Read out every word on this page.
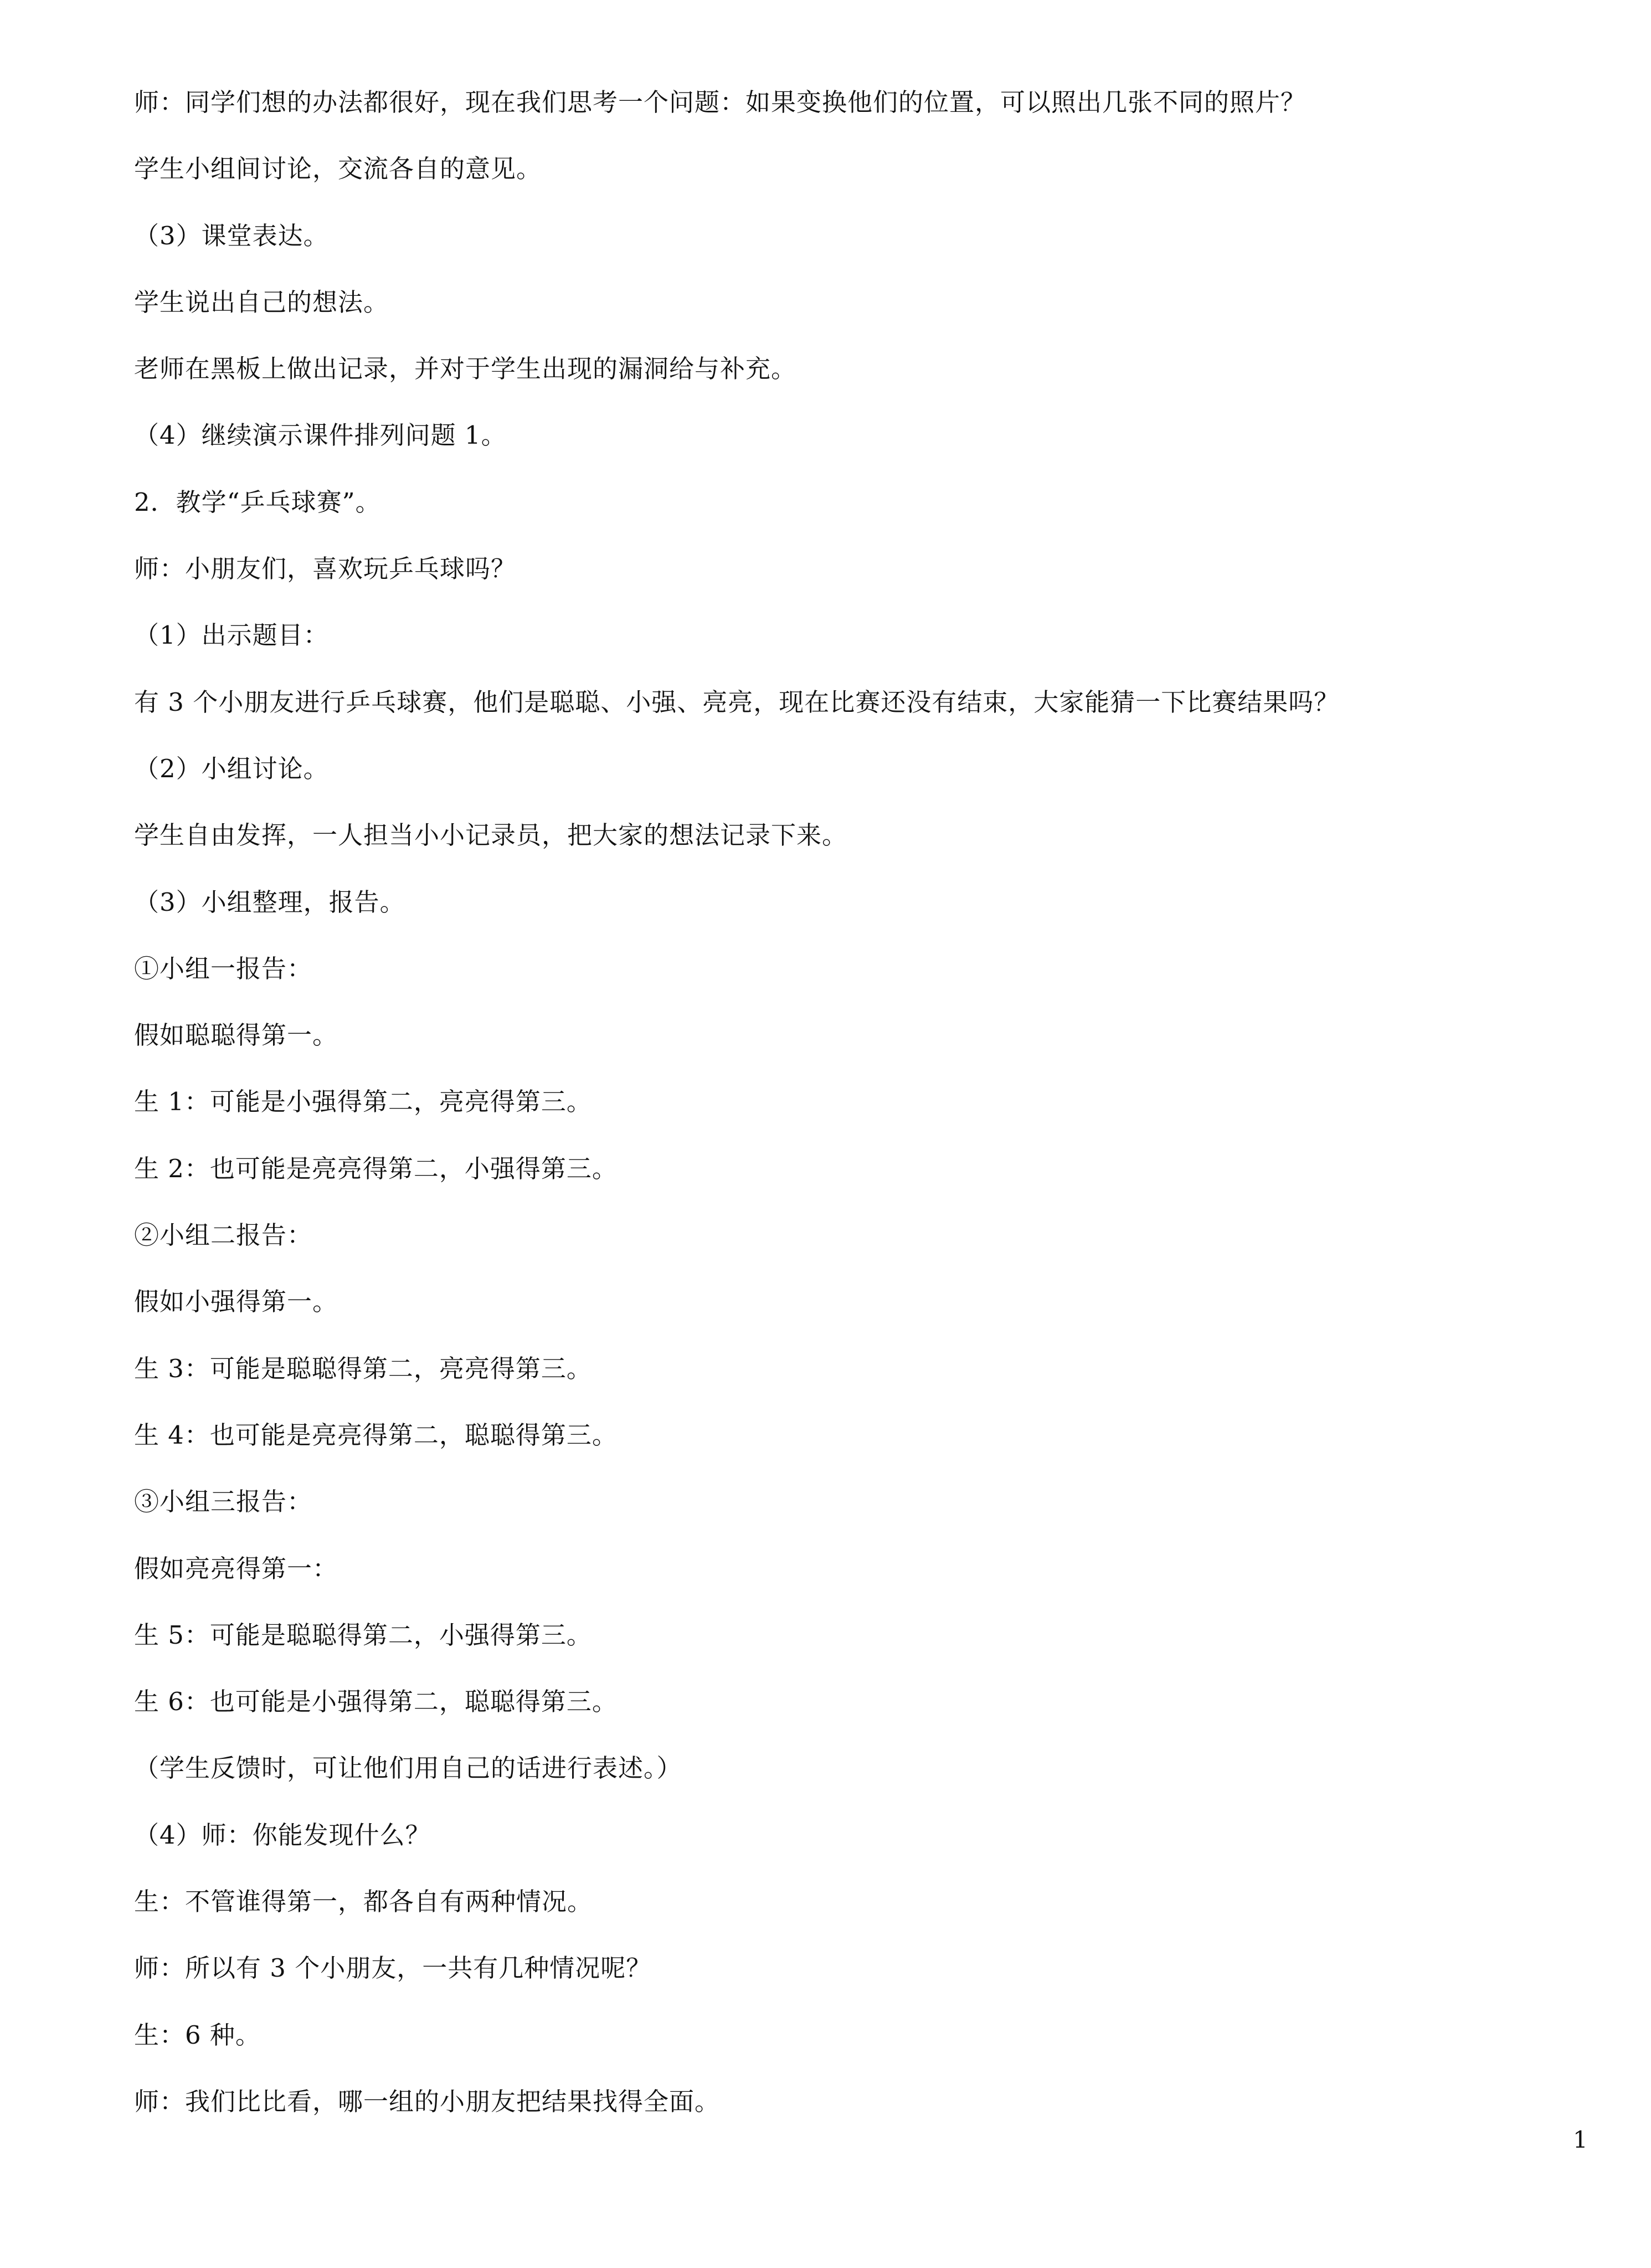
师：同学们想的办法都很好，现在我们思考一个问题：如果变换他们的位置，可以照出几张不同的照片？
学生小组间讨论，交流各自的意见。
（3）课堂表达。
学生说出自己的想法。
老师在黑板上做出记录，并对于学生出现的漏洞给与补充。
（4）继续演示课件排列问题 1。
2．教学“乒乓球赛”。
师：小朋友们，喜欢玩乒乓球吗？
（1）出示题目：
有 3 个小朋友进行乒乓球赛，他们是聪聪、小强、亮亮，现在比赛还没有结束，大家能猜一下比赛结果吗？
（2）小组讨论。
学生自由发挥，一人担当小小记录员，把大家的想法记录下来。
（3）小组整理，报告。
①小组一报告：
假如聪聪得第一。
生 1：可能是小强得第二，亮亮得第三。
生 2：也可能是亮亮得第二，小强得第三。
②小组二报告：
假如小强得第一。
生 3：可能是聪聪得第二，亮亮得第三。
生 4：也可能是亮亮得第二，聪聪得第三。
③小组三报告：
假如亮亮得第一：
生 5：可能是聪聪得第二，小强得第三。
生 6：也可能是小强得第二，聪聪得第三。
（学生反馈时，可让他们用自己的话进行表述。）
（4）师：你能发现什么？
生：不管谁得第一，都各自有两种情况。
师：所以有 3 个小朋友，一共有几种情况呢？
生：6 种。
师：我们比比看，哪一组的小朋友把结果找得全面。
1
